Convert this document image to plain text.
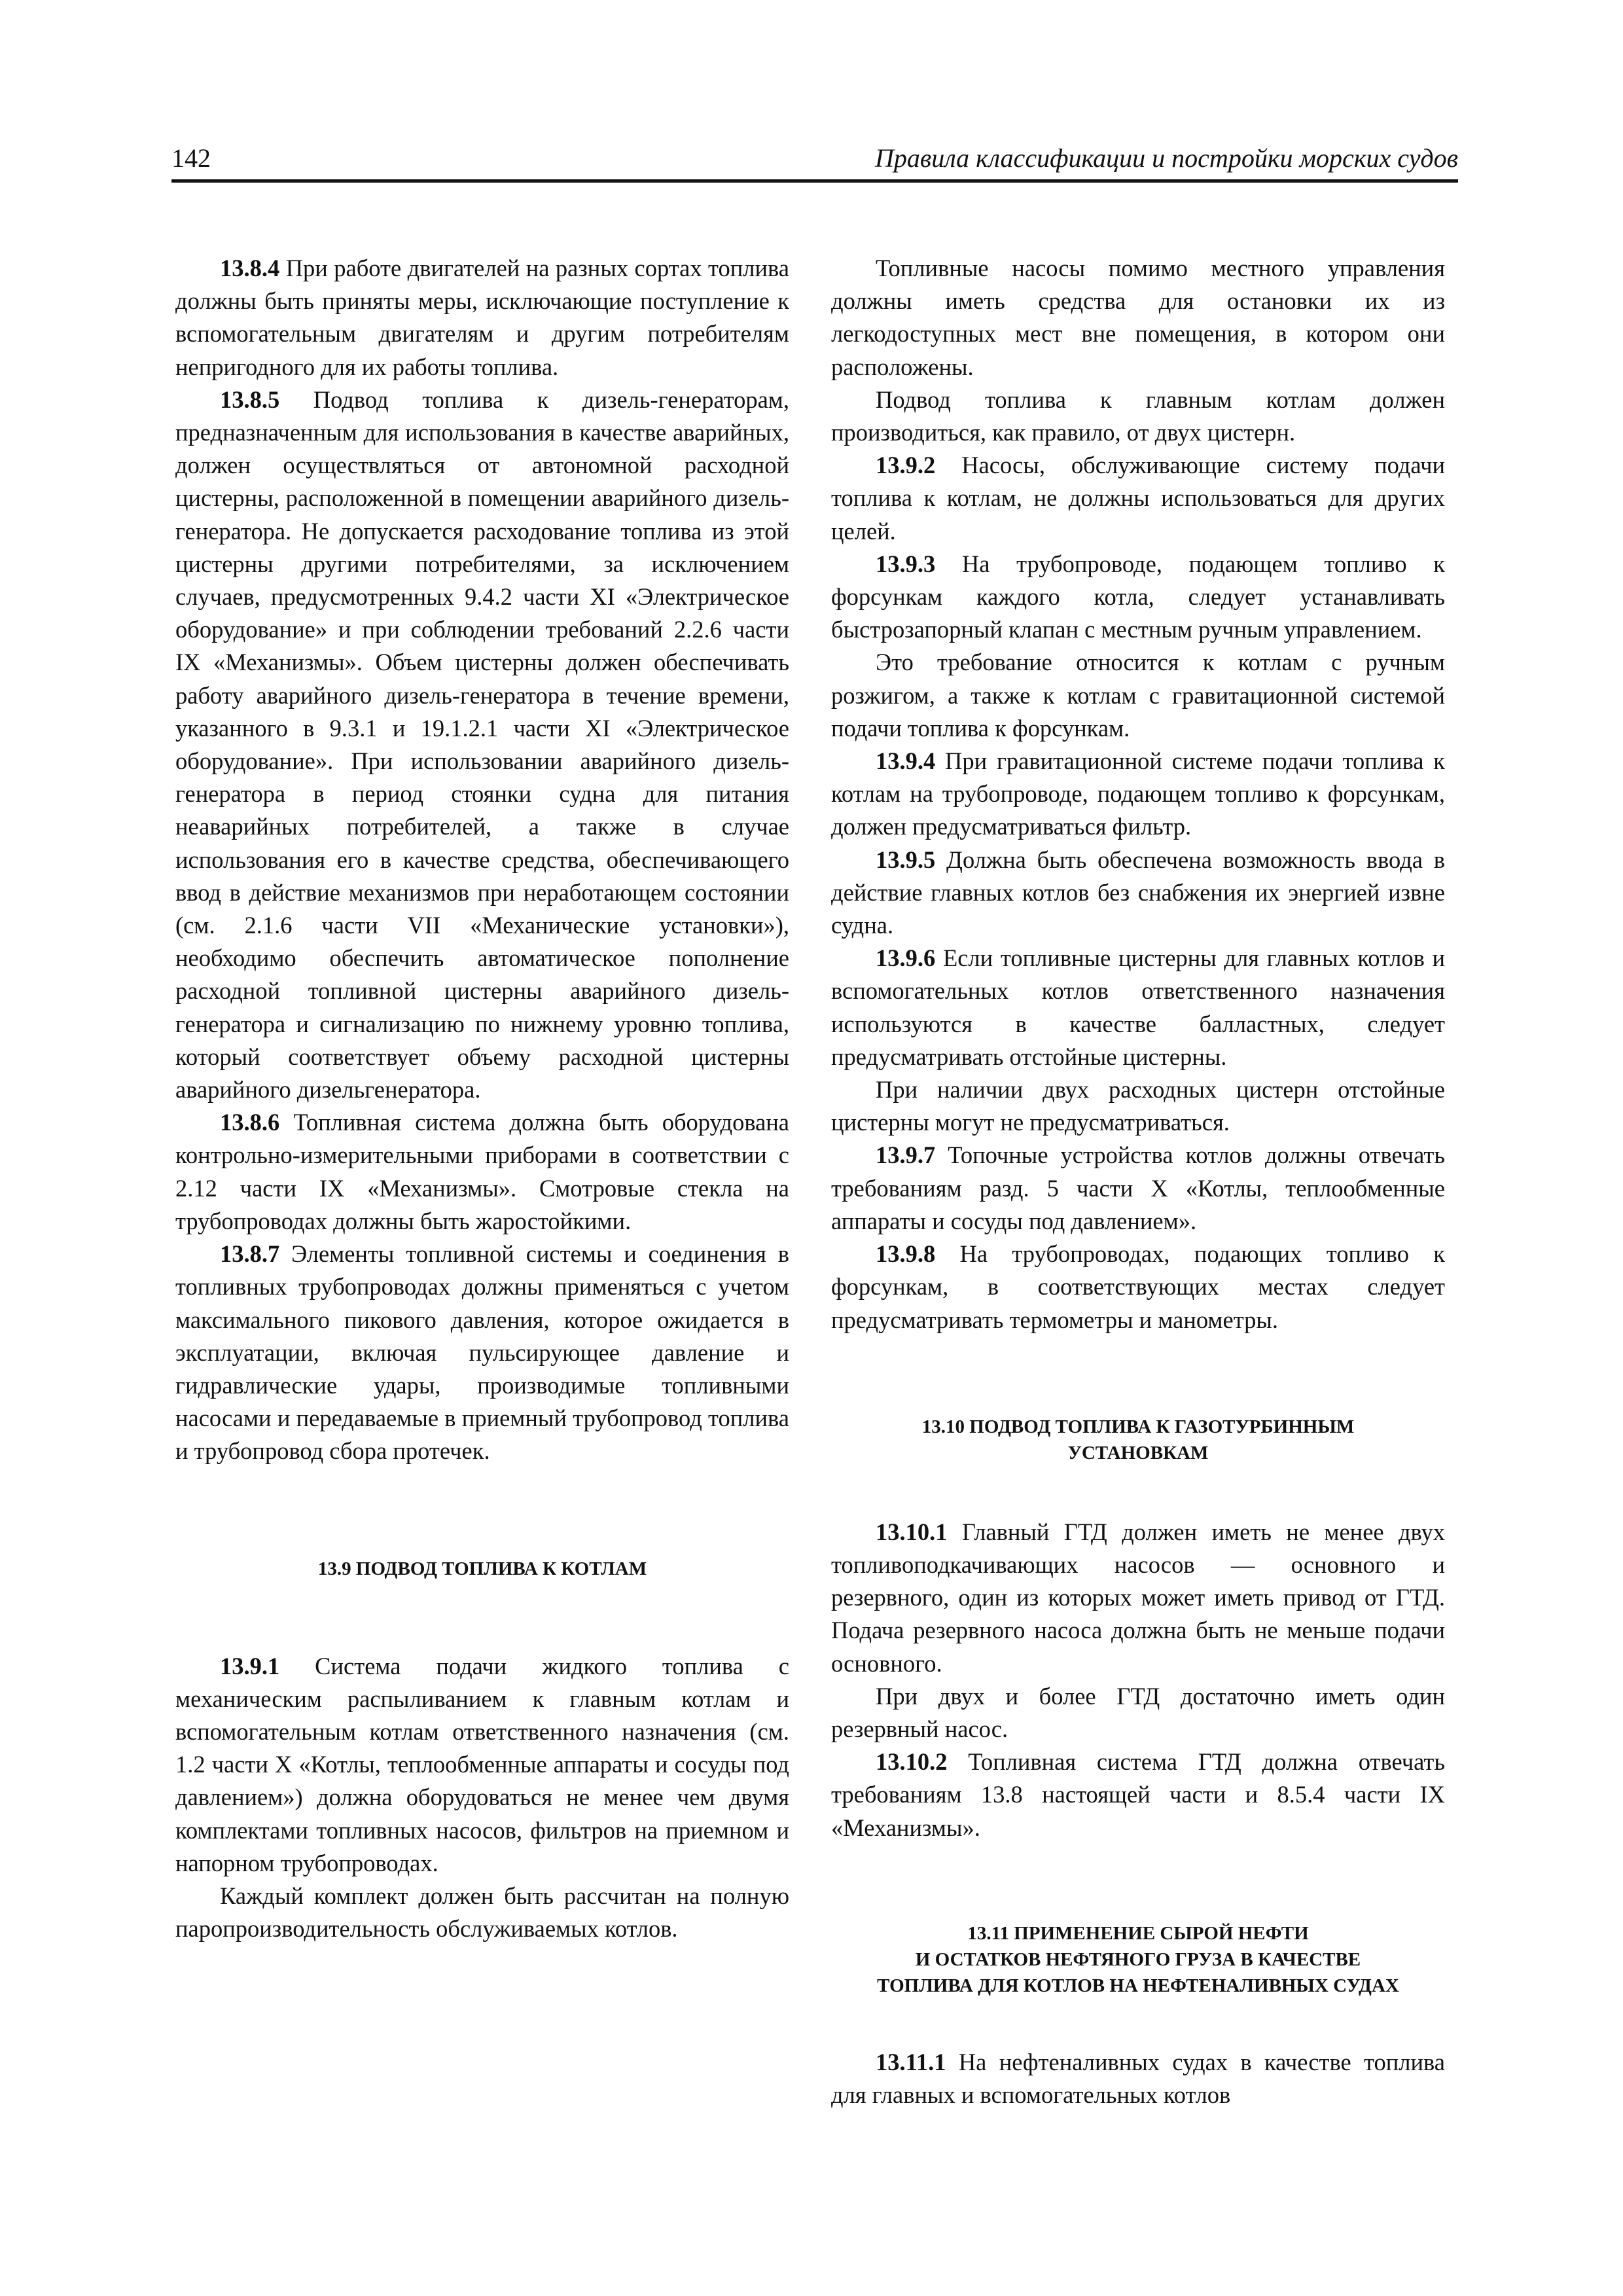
142	Правила классификации и постройки морских судов

13.8.4 При работе двигателей на разных сортах топлива должны быть приняты меры, исключающие поступление к вспомогательным двигателям и другим потребителям непригодного для их работы топлива.

13.8.5 Подвод топлива к дизель-генераторам, предназначенным для использования в качестве аварийных, должен осуществляться от автономной расходной цистерны, расположенной в помещении аварийного дизель-генератора. Не допускается расходование топлива из этой цистерны другими потребителями, за исключением случаев, предусмотренных 9.4.2 части XI «Электрическое оборудование» и при соблюдении требований 2.2.6 части IX «Механизмы». Объем цистерны должен обеспечивать работу аварийного дизель-генератора в течение времени, указанного в 9.3.1 и 19.1.2.1 части XI «Электрическое оборудование». При использовании аварийного дизель-генератора в период стоянки судна для питания неаварийных потребителей, а также в случае использования его в качестве средства, обеспечивающего ввод в действие механизмов при неработающем состоянии (см. 2.1.6 части VII «Механические установки»), необходимо обеспечить автоматическое пополнение расходной топливной цистерны аварийного дизель-генератора и сигнализацию по нижнему уровню топлива, который соответствует объему расходной цистерны аварийного дизельгенератора.

13.8.6 Топливная система должна быть оборудована контрольно-измерительными приборами в соответствии с 2.12 части IX «Механизмы». Смотровые стекла на трубопроводах должны быть жаростойкими.

13.8.7 Элементы топливной системы и соединения в топливных трубопроводах должны применяться с учетом максимального пикового давления, которое ожидается в эксплуатации, включая пульсирующее давление и гидравлические удары, производимые топливными насосами и передаваемые в приемный трубопровод топлива и трубопровод сбора протечек.

13.9 ПОДВОД ТОПЛИВА К КОТЛАМ

13.9.1 Система подачи жидкого топлива с механическим распыливанием к главным котлам и вспомогательным котлам ответственного назначения (см. 1.2 части X «Котлы, теплообменные аппараты и сосуды под давлением») должна оборудоваться не менее чем двумя комплектами топливных насосов, фильтров на приемном и напорном трубопроводах.

Каждый комплект должен быть рассчитан на полную паропроизводительность обслуживаемых котлов.

Топливные насосы помимо местного управления должны иметь средства для остановки их из легкодоступных мест вне помещения, в котором они расположены.

Подвод топлива к главным котлам должен производиться, как правило, от двух цистерн.

13.9.2 Насосы, обслуживающие систему подачи топлива к котлам, не должны использоваться для других целей.

13.9.3 На трубопроводе, подающем топливо к форсункам каждого котла, следует устанавливать быстрозапорный клапан с местным ручным управлением.

Это требование относится к котлам с ручным розжигом, а также к котлам с гравитационной системой подачи топлива к форсункам.

13.9.4 При гравитационной системе подачи топлива к котлам на трубопроводе, подающем топливо к форсункам, должен предусматриваться фильтр.

13.9.5 Должна быть обеспечена возможность ввода в действие главных котлов без снабжения их энергией извне судна.

13.9.6 Если топливные цистерны для главных котлов и вспомогательных котлов ответственного назначения используются в качестве балластных, следует предусматривать отстойные цистерны.

При наличии двух расходных цистерн отстойные цистерны могут не предусматриваться.

13.9.7 Топочные устройства котлов должны отвечать требованиям разд. 5 части X «Котлы, теплообменные аппараты и сосуды под давлением».

13.9.8 На трубопроводах, подающих топливо к форсункам, в соответствующих местах следует предусматривать термометры и манометры.

13.10 ПОДВОД ТОПЛИВА К ГАЗОТУРБИННЫМ
УСТАНОВКАМ

13.10.1 Главный ГТД должен иметь не менее двух топливоподкачивающих насосов — основного и резервного, один из которых может иметь привод от ГТД. Подача резервного насоса должна быть не меньше подачи основного.

При двух и более ГТД достаточно иметь один резервный насос.

13.10.2 Топливная система ГТД должна отвечать требованиям 13.8 настоящей части и 8.5.4 части IX «Механизмы».

13.11 ПРИМЕНЕНИЕ СЫРОЙ НЕФТИ
И ОСТАТКОВ НЕФТЯНОГО ГРУЗА В КАЧЕСТВЕ
ТОПЛИВА ДЛЯ КОТЛОВ НА НЕФТЕНАЛИВНЫХ СУДАХ

13.11.1 На нефтеналивных судах в качестве топлива для главных и вспомогательных котлов
